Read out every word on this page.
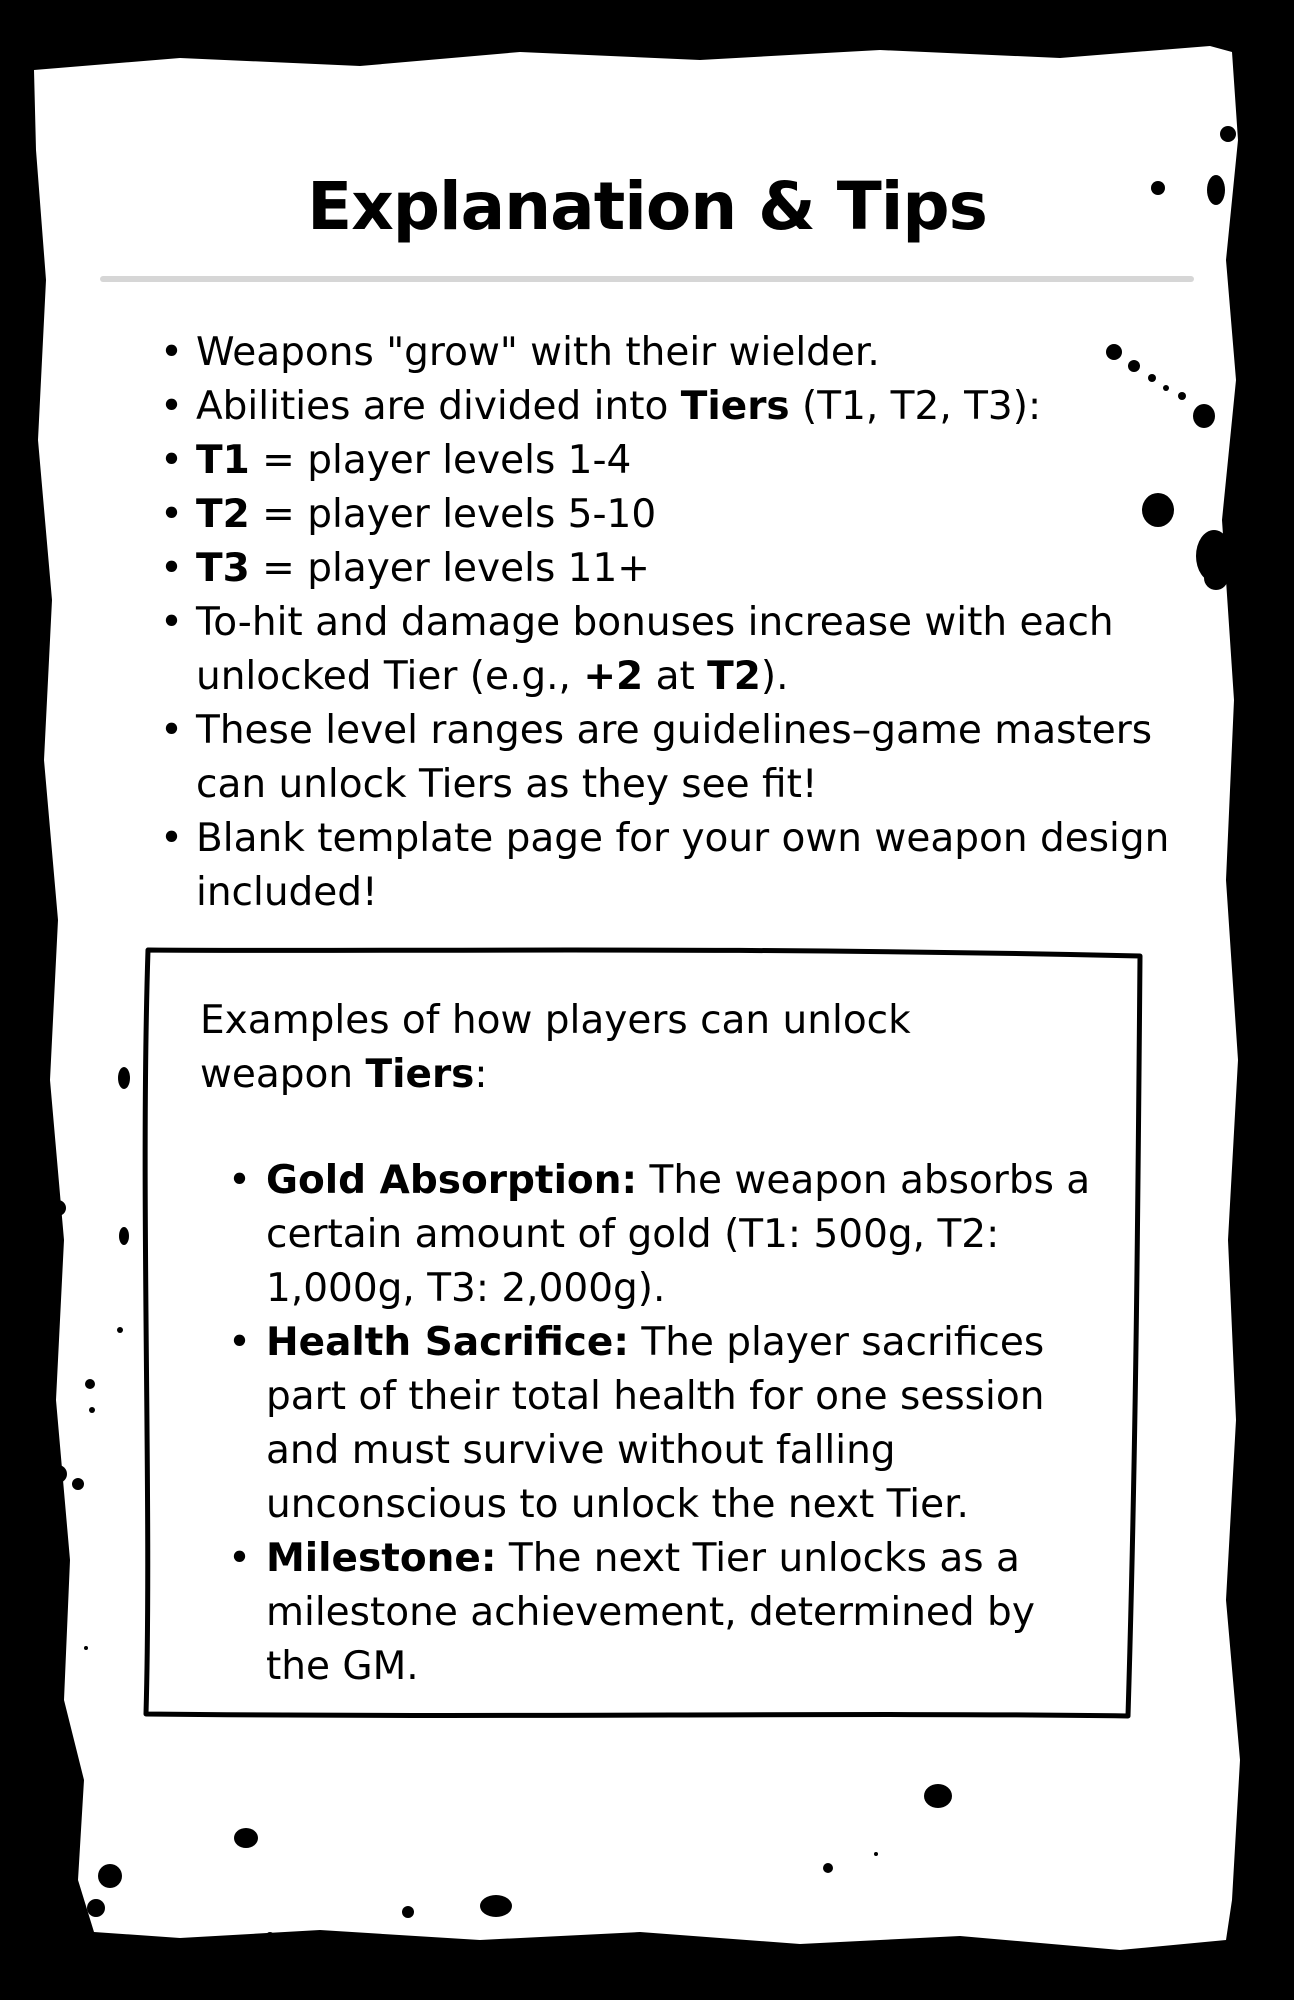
Explanation & Tips
• Weapons "grow" with their wielder.
• Abilities are divided into Tiers (T1, T2, T3):
• T1 = player levels 1-4
• T2 = player levels 5-10
• T3 = player levels 11+
• To-hit and damage bonuses increase with each unlocked Tier (e.g., +2 at T2).
• These level ranges are guidelines–game masters can unlock Tiers as they see fit!
• Blank template page for your own weapon design included!
Examples of how players can unlock
weapon Tiers:
• Gold Absorption: The weapon absorbs a certain amount of gold (T1: 500g, T2: 1,000g, T3: 2,000g).
• Health Sacrifice: The player sacrifices part of their total health for one session and must survive without falling unconscious to unlock the next Tier.
• Milestone: The next Tier unlocks as a milestone achievement, determined by the GM.
